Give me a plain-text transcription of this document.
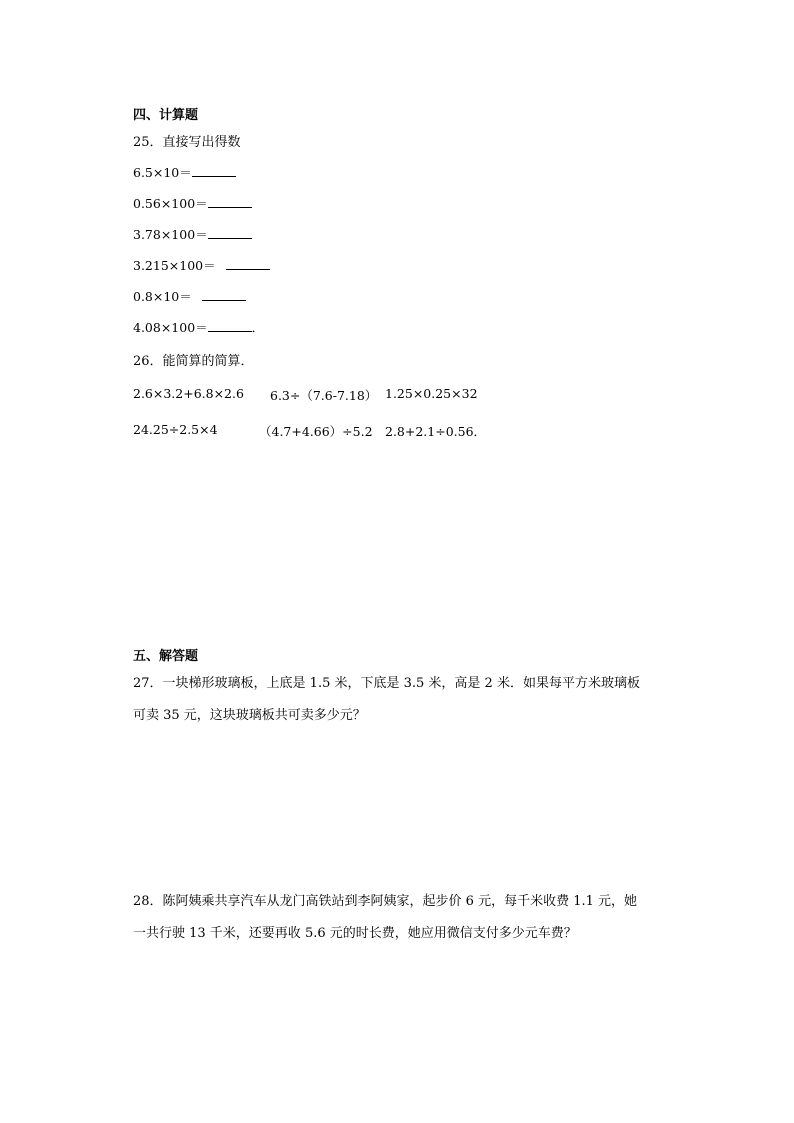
四、计算题
25．直接写出得数
6.5×10＝
0.56×100＝
3.78×100＝
3.215×100＝
0.8×10＝
4.08×100＝	．
26．能简算的简算．
2.6×3.2+6.8×2.6 6.3÷（7.6-7.18） 1.25×0.25×32
24.25÷2.5×4	（4.7+4.66）÷5.2 2.8+2.1÷0.56．
五、解答题
27．一块梯形玻璃板，上底是 1.5 米，下底是 3.5 米，高是 2 米．如果每平方米玻璃板
可卖 35 元，这块玻璃板共可卖多少元？
28．陈阿姨乘共享汽车从龙门高铁站到李阿姨家，起步价 6 元，每千米收费 1.1 元，她
一共行驶 13 千米，还要再收 5.6 元的时长费，她应用微信支付多少元车费？
